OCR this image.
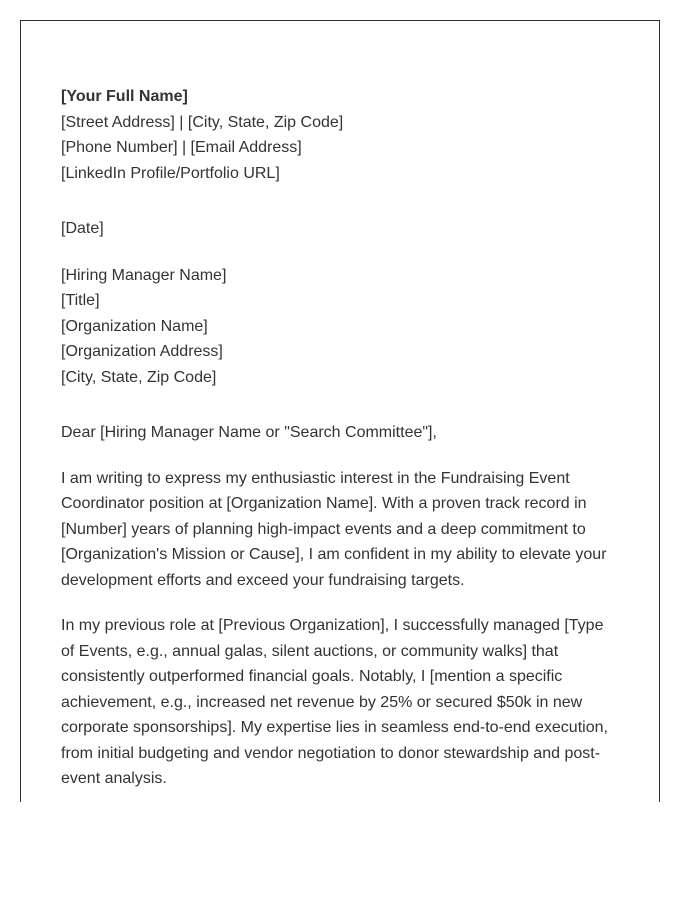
[Your Full Name]
[Street Address] | [City, State, Zip Code]
[Phone Number] | [Email Address]
[LinkedIn Profile/Portfolio URL]
[Date]
[Hiring Manager Name]
[Title]
[Organization Name]
[Organization Address]
[City, State, Zip Code]
Dear [Hiring Manager Name or "Search Committee"],

I am writing to express my enthusiastic interest in the Fundraising Event Coordinator position at [Organization Name]. With a proven track record in [Number] years of planning high-impact events and a deep commitment to [Organization's Mission or Cause], I am confident in my ability to elevate your development efforts and exceed your fundraising targets.

In my previous role at [Previous Organization], I successfully managed [Type of Events, e.g., annual galas, silent auctions, or community walks] that consistently outperformed financial goals. Notably, I [mention a specific achievement, e.g., increased net revenue by 25% or secured $50k in new corporate sponsorships]. My expertise lies in seamless end-to-end execution, from initial budgeting and vendor negotiation to donor stewardship and post-event analysis.
